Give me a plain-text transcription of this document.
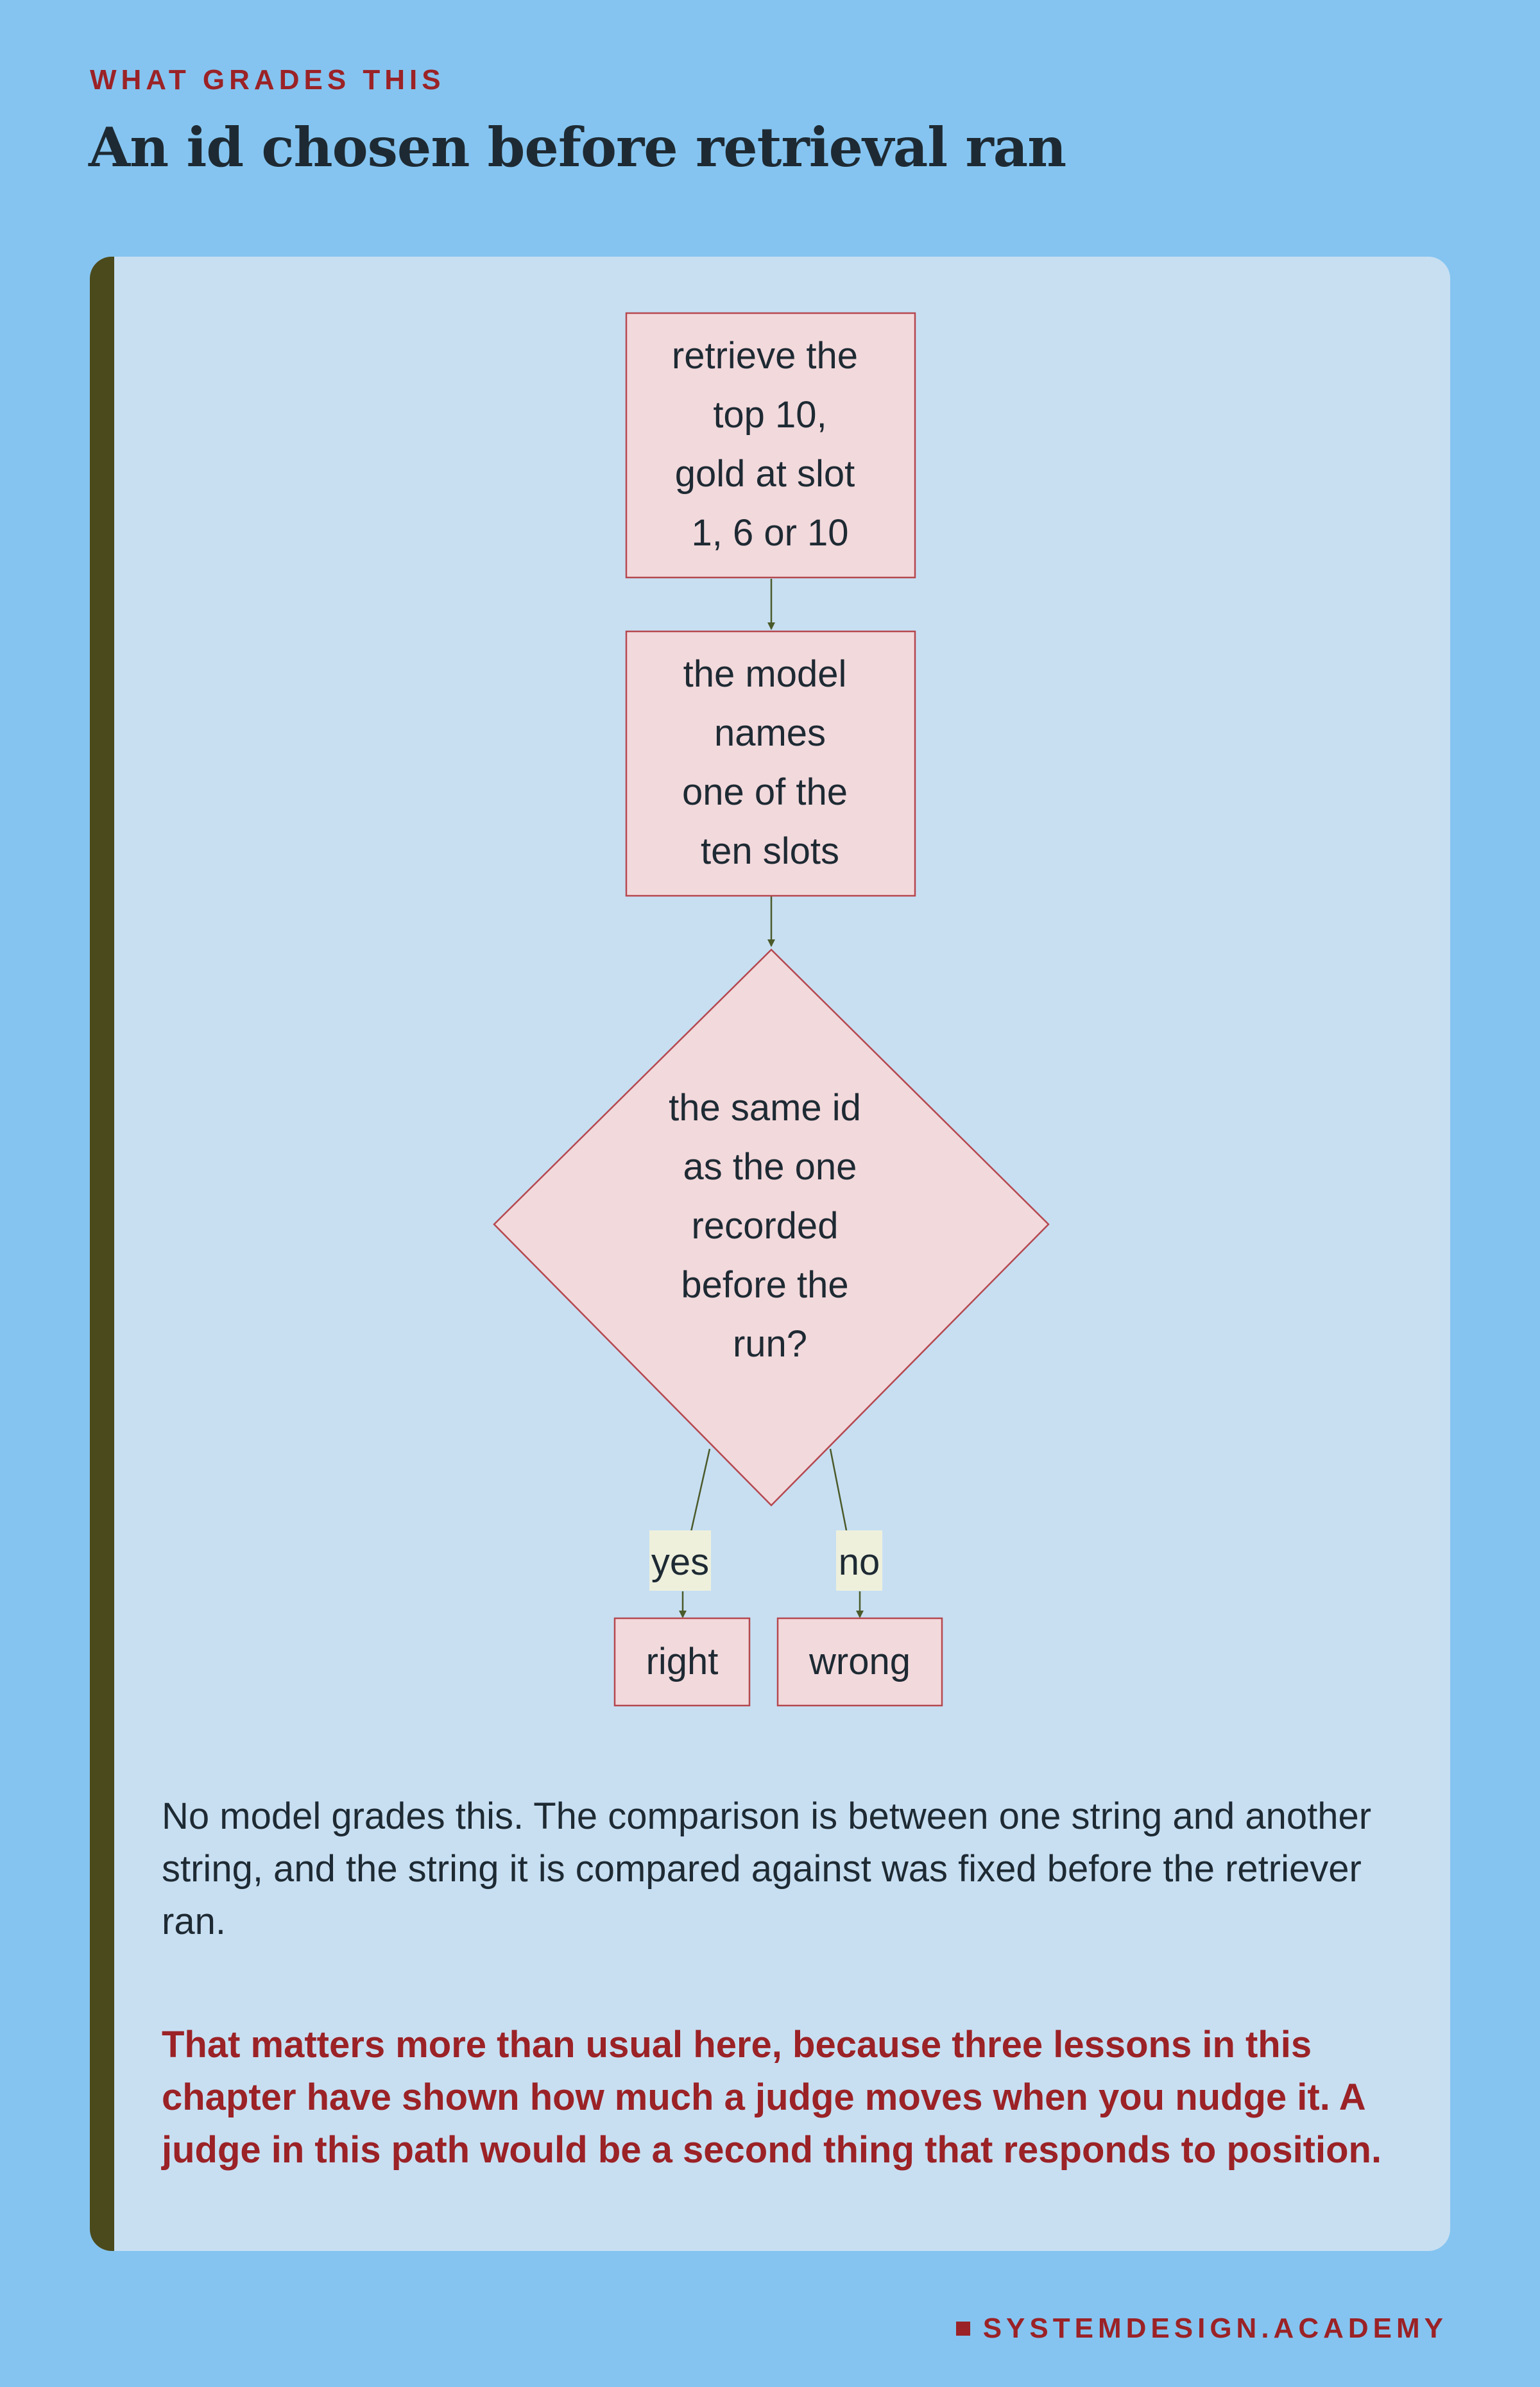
WHAT GRADES THIS

An id chosen before retrieval ran
yes	no
retrieve the
top 10,
gold at slot
1, 6 or 10
the model
names
one of the
ten slots
the same id
as the one
recorded
before the
run?
right wrong

No model grades this. The comparison is between one string and another string, and the string it is compared against was fixed before the retriever ran.

That matters more than usual here, because three lessons in this chapter have shown how much a judge moves when you nudge it. A judge in this path would be a second thing that responds to position.

SYSTEMDESIGN.ACADEMY
